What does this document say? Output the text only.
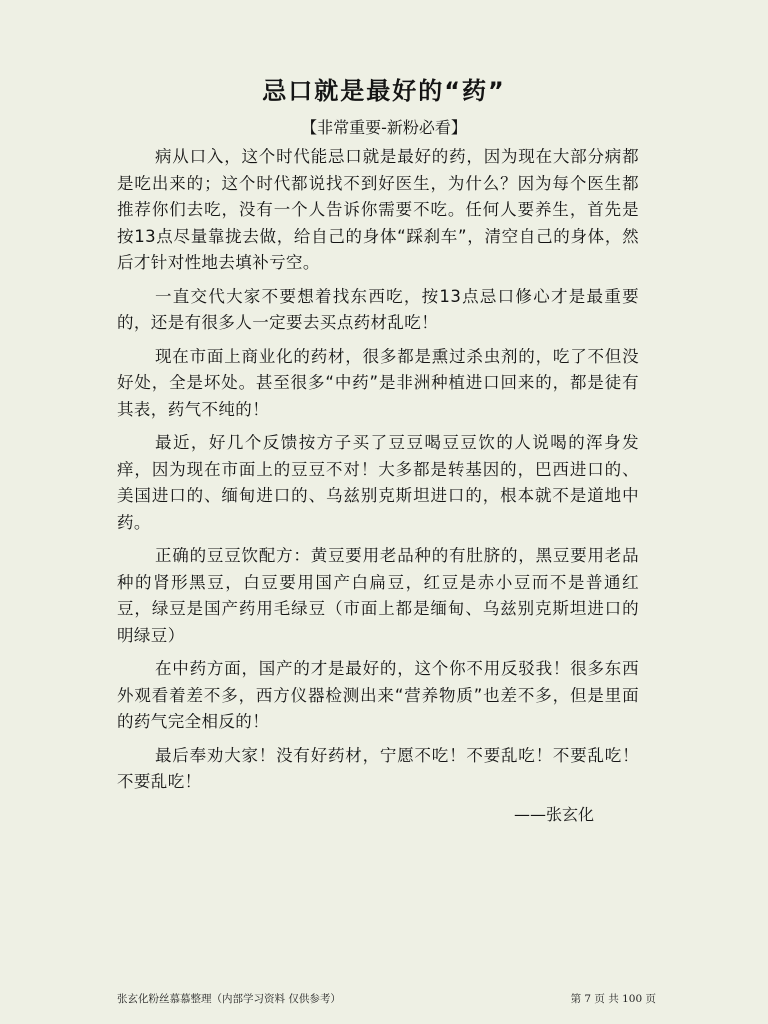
忌口就是最好的“药”
【非常重要-新粉必看】

病从口入，这个时代能忌口就是最好的药，因为现在大部分病都是吃出来的；这个时代都说找不到好医生，为什么？因为每个医生都推荐你们去吃，没有一个人告诉你需要不吃。任何人要养生，首先是按13点尽量靠拢去做，给自己的身体“踩刹车”，清空自己的身体，然后才针对性地去填补亏空。

一直交代大家不要想着找东西吃，按13点忌口修心才是最重要的，还是有很多人一定要去买点药材乱吃！

现在市面上商业化的药材，很多都是熏过杀虫剂的，吃了不但没好处，全是坏处。甚至很多“中药”是非洲种植进口回来的，都是徒有其表，药气不纯的！

最近，好几个反馈按方子买了豆豆喝豆豆饮的人说喝的浑身发痒，因为现在市面上的豆豆不对！大多都是转基因的，巴西进口的、美国进口的、缅甸进口的、乌兹别克斯坦进口的，根本就不是道地中药。

正确的豆豆饮配方：黄豆要用老品种的有肚脐的，黑豆要用老品种的肾形黑豆，白豆要用国产白扁豆，红豆是赤小豆而不是普通红豆，绿豆是国产药用毛绿豆（市面上都是缅甸、乌兹别克斯坦进口的明绿豆）

在中药方面，国产的才是最好的，这个你不用反驳我！很多东西外观看着差不多，西方仪器检测出来“营养物质”也差不多，但是里面的药气完全相反的！

最后奉劝大家！没有好药材，宁愿不吃！不要乱吃！不要乱吃！不要乱吃！

——张玄化
张玄化粉丝慕慕整理（内部学习资料 仅供参考）	第 7 页 共 100 页
